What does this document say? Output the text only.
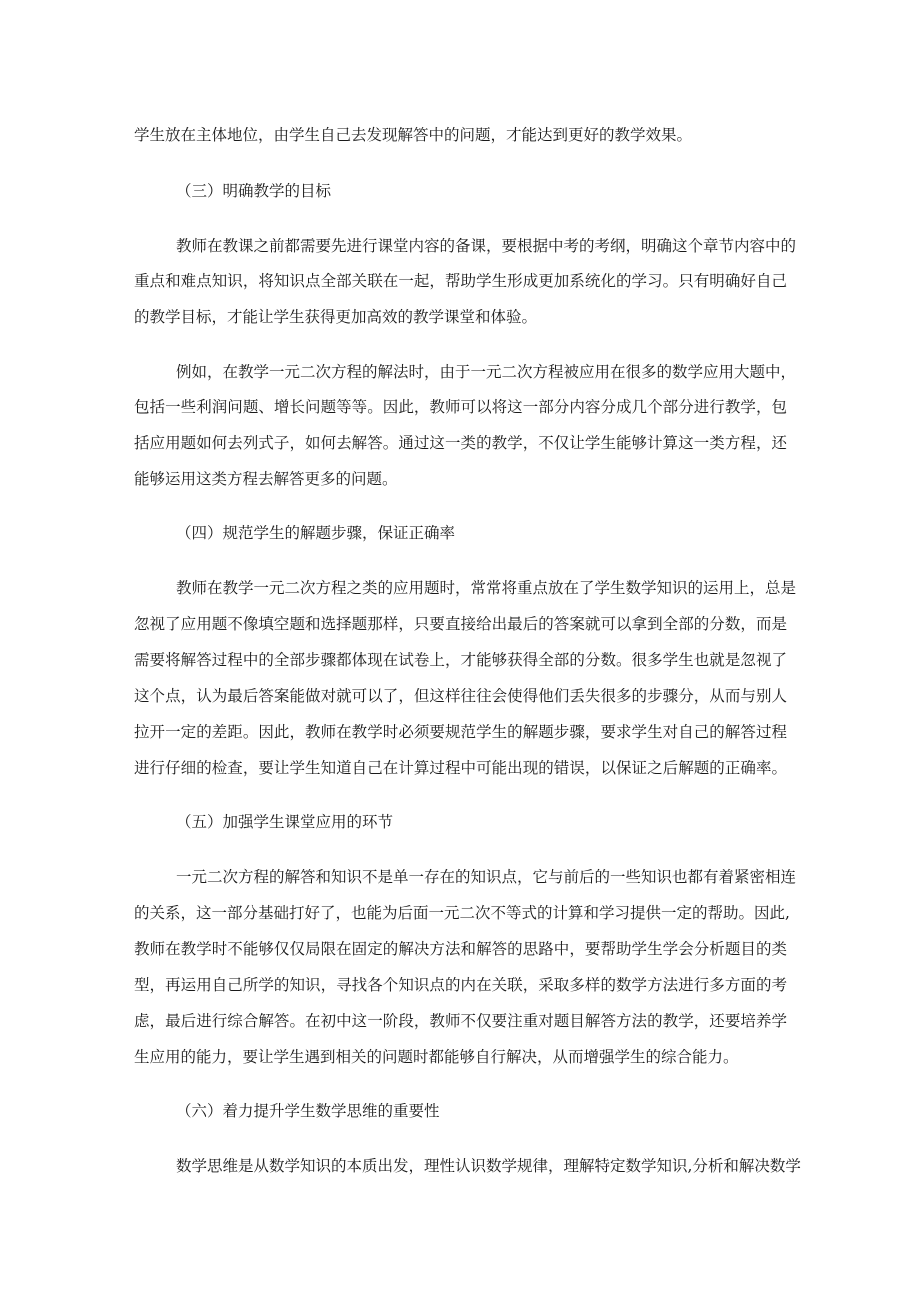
学生放在主体地位，由学生自己去发现解答中的问题，才能达到更好的教学效果。
（三）明确教学的目标
教师在教课之前都需要先进行课堂内容的备课，要根据中考的考纲，明确这个章节内容中的
重点和难点知识，将知识点全部关联在一起，帮助学生形成更加系统化的学习。只有明确好自己
的教学目标，才能让学生获得更加高效的教学课堂和体验。
例如，在教学一元二次方程的解法时，由于一元二次方程被应用在很多的数学应用大题中，
包括一些利润问题、增长问题等等。因此，教师可以将这一部分内容分成几个部分进行教学，包
括应用题如何去列式子，如何去解答。通过这一类的教学，不仅让学生能够计算这一类方程，还
能够运用这类方程去解答更多的问题。
（四）规范学生的解题步骤，保证正确率
教师在教学一元二次方程之类的应用题时，常常将重点放在了学生数学知识的运用上，总是
忽视了应用题不像填空题和选择题那样，只要直接给出最后的答案就可以拿到全部的分数，而是
需要将解答过程中的全部步骤都体现在试卷上，才能够获得全部的分数。很多学生也就是忽视了
这个点，认为最后答案能做对就可以了，但这样往往会使得他们丢失很多的步骤分，从而与别人
拉开一定的差距。因此，教师在教学时必须要规范学生的解题步骤，要求学生对自己的解答过程
进行仔细的检查，要让学生知道自己在计算过程中可能出现的错误，以保证之后解题的正确率。
（五）加强学生课堂应用的环节
一元二次方程的解答和知识不是单一存在的知识点，它与前后的一些知识也都有着紧密相连
的关系，这一部分基础打好了，也能为后面一元二次不等式的计算和学习提供一定的帮助。因此,
教师在教学时不能够仅仅局限在固定的解决方法和解答的思路中，要帮助学生学会分析题目的类
型，再运用自己所学的知识，寻找各个知识点的内在关联，采取多样的数学方法进行多方面的考
虑，最后进行综合解答。在初中这一阶段，教师不仅要注重对题目解答方法的教学，还要培养学
生应用的能力，要让学生遇到相关的问题时都能够自行解决，从而增强学生的综合能力。
（六）着力提升学生数学思维的重要性
数学思维是从数学知识的本质出发，理性认识数学规律，理解特定数学知识,分析和解决数学
